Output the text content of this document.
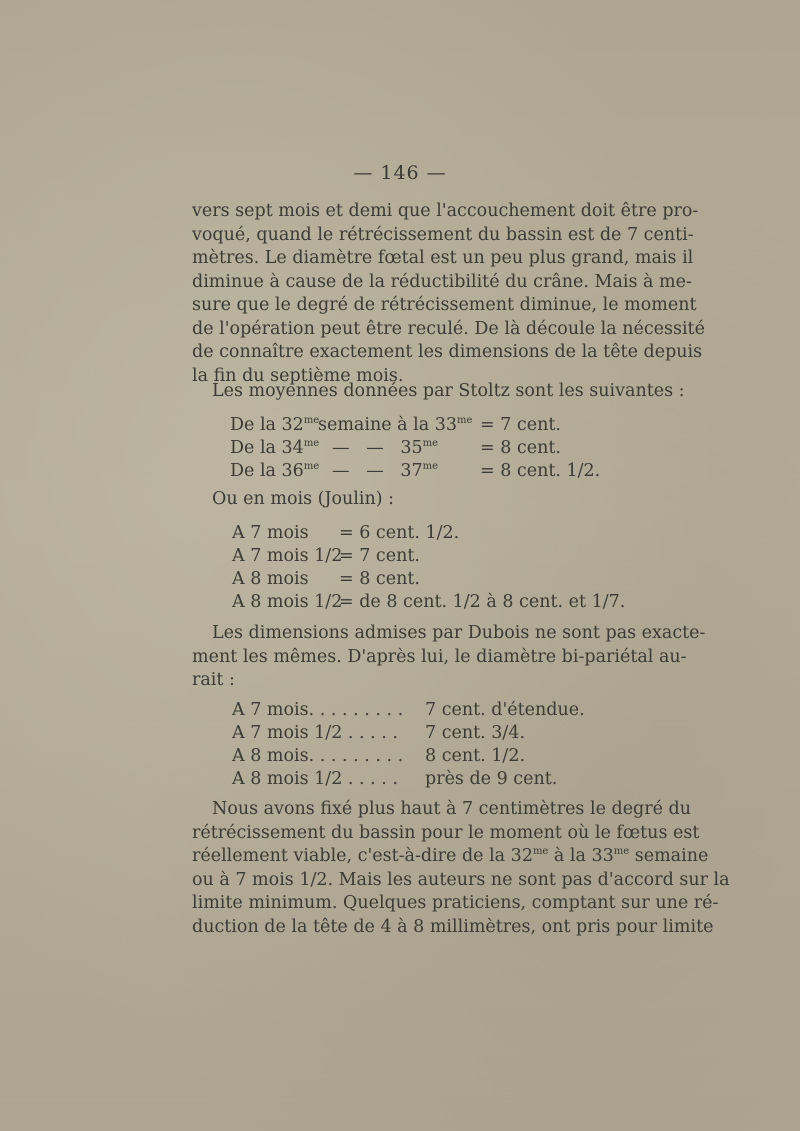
— 146 —
vers sept mois et demi que l'accouchement doit être pro-
voqué, quand le rétrécissement du bassin est de 7 centi-
mètres. Le diamètre fœtal est un peu plus grand, mais il
diminue à cause de la réductibilité du crâne. Mais à me-
sure que le degré de rétrécissement diminue, le moment
de l'opération peut être reculé. De là découle la nécessité
de connaître exactement les dimensions de la tête depuis
la fin du septième mois.
Les moyennes données par Stoltz sont les suivantes :
De la $32^{me}$
semaine à la $33^{me} = 7$ cent.
De la $34^{me}$ —   —   $35^{me} = 8$ cent.
De la $36^{me}$ —   —   $37^{me} = 8$ cent. 1/2.
Ou en mois (Joulin) :
A 7 mois = 6 cent. 1/2.
A 7 mois 1/2
= 7 cent.
A 8 mois = 8 cent.
A 8 mois 1/2
= de 8 cent. 1/2 à 8 cent. et 1/7.
Les dimensions admises par Dubois ne sont pas exacte-
ment les mêmes. D'après lui, le diamètre bi-pariétal au-
rait :
A 7 mois. . . . . . . . . 7 cent. d'étendue.
A 7 mois 1/2 . . . . . 7 cent. 3/4.
A 8 mois. . . . . . . . . 8 cent. 1/2.
A 8 mois 1/2 . . . . . près de 9 cent.
Nous avons fixé plus haut à 7 centimètres le degré du
rétrécissement du bassin pour le moment où le fœtus est
réellement viable, c'est-à-dire de la $32^{me}$ à la $33^{me}$ semaine
ou à 7 mois 1/2. Mais les auteurs ne sont pas d'accord sur la
limite minimum. Quelques praticiens, comptant sur une ré-
duction de la tête de 4 à 8 millimètres, ont pris pour limite
